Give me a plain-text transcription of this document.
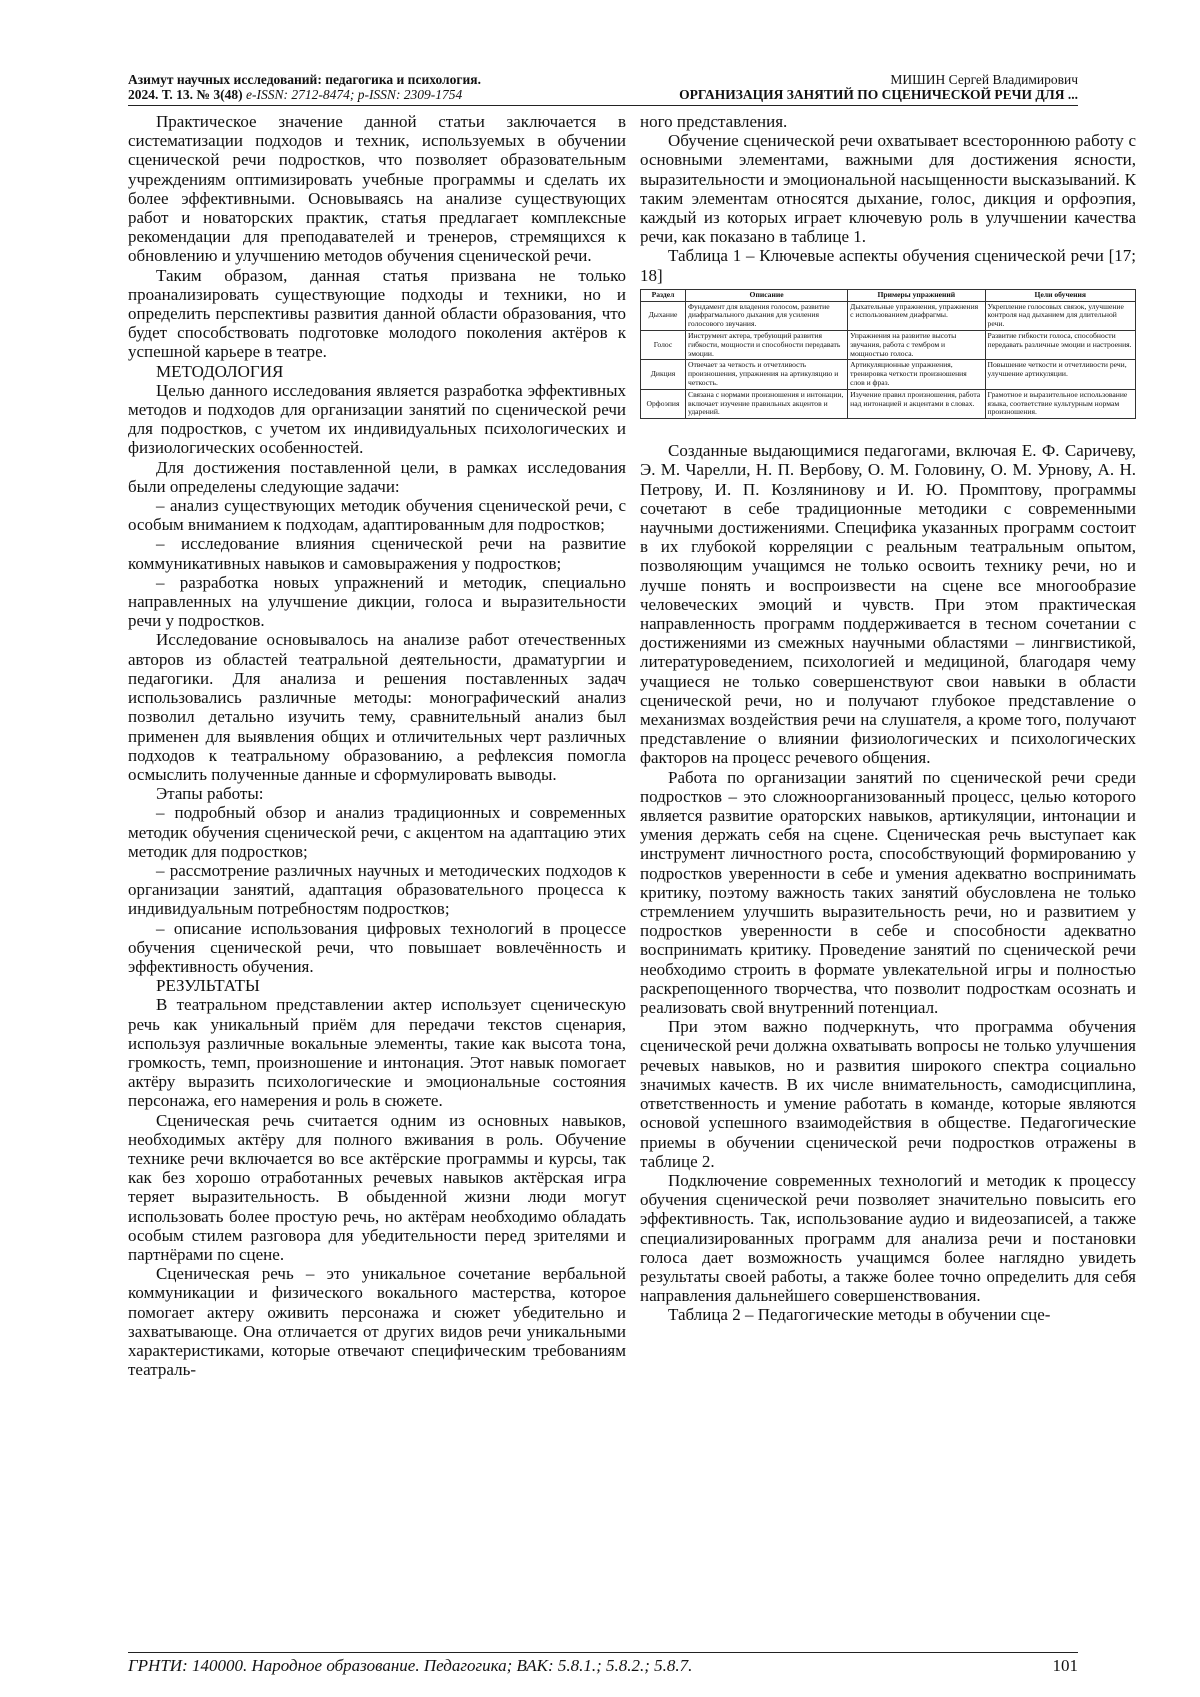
Азимут научных исследований: педагогика и психология.
2024. Т. 13. № 3(48) e-ISSN: 2712-8474; p-ISSN: 2309-1754
МИШИН Сергей Владимирович
ОРГАНИЗАЦИЯ ЗАНЯТИЙ ПО СЦЕНИЧЕСКОЙ РЕЧИ ДЛЯ ...

Практическое значение данной статьи заключается в систематизации подходов и техник, используемых в обучении сценической речи подростков, что позволяет образовательным учреждениям оптимизировать учебные программы и сделать их более эффективными. Основываясь на анализе существующих работ и новаторских практик, статья предлагает комплексные рекомендации для преподавателей и тренеров, стремящихся к обновлению и улучшению методов обучения сценической речи.

Таким образом, данная статья призвана не только проанализировать существующие подходы и техники, но и определить перспективы развития данной области образования, что будет способствовать подготовке молодого поколения актёров к успешной карьере в театре.

МЕТОДОЛОГИЯ

Целью данного исследования является разработка эффективных методов и подходов для организации занятий по сценической речи для подростков, с учетом их индивидуальных психологических и физиологических особенностей.

Для достижения поставленной цели, в рамках исследования были определены следующие задачи:

– анализ существующих методик обучения сценической речи, с особым вниманием к подходам, адаптированным для подростков;

– исследование влияния сценической речи на развитие коммуникативных навыков и самовыражения у подростков;

– разработка новых упражнений и методик, специально направленных на улучшение дикции, голоса и выразительности речи у подростков.

Исследование основывалось на анализе работ отечественных авторов из областей театральной деятельности, драматургии и педагогики. Для анализа и решения поставленных задач использовались различные методы: монографический анализ позволил детально изучить тему, сравнительный анализ был применен для выявления общих и отличительных черт различных подходов к театральному образованию, а рефлексия помогла осмыслить полученные данные и сформулировать выводы.

Этапы работы:

– подробный обзор и анализ традиционных и современных методик обучения сценической речи, с акцентом на адаптацию этих методик для подростков;

– рассмотрение различных научных и методических подходов к организации занятий, адаптация образовательного процесса к индивидуальным потребностям подростков;

– описание использования цифровых технологий в процессе обучения сценической речи, что повышает вовлечённость и эффективность обучения.

РЕЗУЛЬТАТЫ

В театральном представлении актер использует сценическую речь как уникальный приём для передачи текстов сценария, используя различные вокальные элементы, такие как высота тона, громкость, темп, произношение и интонация. Этот навык помогает актёру выразить психологические и эмоциональные состояния персонажа, его намерения и роль в сюжете.

Сценическая речь считается одним из основных навыков, необходимых актёру для полного вживания в роль. Обучение технике речи включается во все актёрские программы и курсы, так как без хорошо отработанных речевых навыков актёрская игра теряет выразительность. В обыденной жизни люди могут использовать более простую речь, но актёрам необходимо обладать особым стилем разговора для убедительности перед зрителями и партнёрами по сцене.

Сценическая речь – это уникальное сочетание вербальной коммуникации и физического вокального мастерства, которое помогает актеру оживить персонажа и сюжет убедительно и захватывающе. Она отличается от других видов речи уникальными характеристиками, которые отвечают специфическим требованиям театраль-

ного представления.

Обучение сценической речи охватывает всестороннюю работу с основными элементами, важными для достижения ясности, выразительности и эмоциональной насыщенности высказываний. К таким элементам относятся дыхание, голос, дикция и орфоэпия, каждый из которых играет ключевую роль в улучшении качества речи, как показано в таблице 1.

Таблица 1 – Ключевые аспекты обучения сценической речи [17; 18]

Раздел	Описание	Примеры упражнений	Цели обучения
Дыхание	Фундамент для владения голосом, развитие диафрагмального дыхания для усиления голосового звучания.	Дыхательные упражнения, упражнения с использованием диафрагмы.	Укрепление голосовых связок, улучшение контроля над дыханием для длительной речи.
Голос	Инструмент актера, требующий развития гибкости, мощности и способности передавать эмоции.	Упражнения на развитие высоты звучания, работа с тембром и мощностью голоса.	Развитие гибкости голоса, способности передавать различные эмоции и настроения.
Дикция	Отвечает за четкость и отчетливость произношения, упражнения на артикуляцию и четкость.	Артикуляционные упражнения, тренировка четкости произношения слов и фраз.	Повышение четкости и отчетливости речи, улучшение артикуляции.
Орфоэпия	Связана с нормами произношения и интонации, включает изучение правильных акцентов и ударений.	Изучение правил произношения, работа над интонацией и акцентами в словах.	Грамотное и выразительное использование языка, соответствие культурным нормам произношения.

Созданные выдающимися педагогами, включая Е. Ф. Саричеву, Э. М. Чарелли, Н. П. Вербову, О. М. Головину, О. М. Урнову, А. Н. Петрову, И. П. Козлянинову и И. Ю. Промптову, программы сочетают в себе традиционные методики с современными научными достижениями. Специфика указанных программ состоит в их глубокой корреляции с реальным театральным опытом, позволяющим учащимся не только освоить технику речи, но и лучше понять и воспроизвести на сцене все многообразие человеческих эмоций и чувств. При этом практическая направленность программ поддерживается в тесном сочетании с достижениями из смежных научными областями – лингвистикой, литературоведением, психологией и медициной, благодаря чему учащиеся не только совершенствуют свои навыки в области сценической речи, но и получают глубокое представление о механизмах воздействия речи на слушателя, а кроме того, получают представление о влиянии физиологических и психологических факторов на процесс речевого общения.

Работа по организации занятий по сценической речи среди подростков – это сложноорганизованный процесс, целью которого является развитие ораторских навыков, артикуляции, интонации и умения держать себя на сцене. Сценическая речь выступает как инструмент личностного роста, способствующий формированию у подростков уверенности в себе и умения адекватно воспринимать критику, поэтому важность таких занятий обусловлена не только стремлением улучшить выразительность речи, но и развитием у подростков уверенности в себе и способности адекватно воспринимать критику. Проведение занятий по сценической речи необходимо строить в формате увлекательной игры и полностью раскрепощенного творчества, что позволит подросткам осознать и реализовать свой внутренний потенциал.

При этом важно подчеркнуть, что программа обучения сценической речи должна охватывать вопросы не только улучшения речевых навыков, но и развития широкого спектра социально значимых качеств. В их числе внимательность, самодисциплина, ответственность и умение работать в команде, которые являются основой успешного взаимодействия в обществе. Педагогические приемы в обучении сценической речи подростков отражены в таблице 2.

Подключение современных технологий и методик к процессу обучения сценической речи позволяет значительно повысить его эффективность. Так, использование аудио и видеозаписей, а также специализированных программ для анализа речи и постановки голоса дает возможность учащимся более наглядно увидеть результаты своей работы, а также более точно определить для себя направления дальнейшего совершенствования.

Таблица 2 – Педагогические методы в обучении сце-

ГРНТИ: 140000. Народное образование. Педагогика; ВАК: 5.8.1.; 5.8.2.; 5.8.7.	101
